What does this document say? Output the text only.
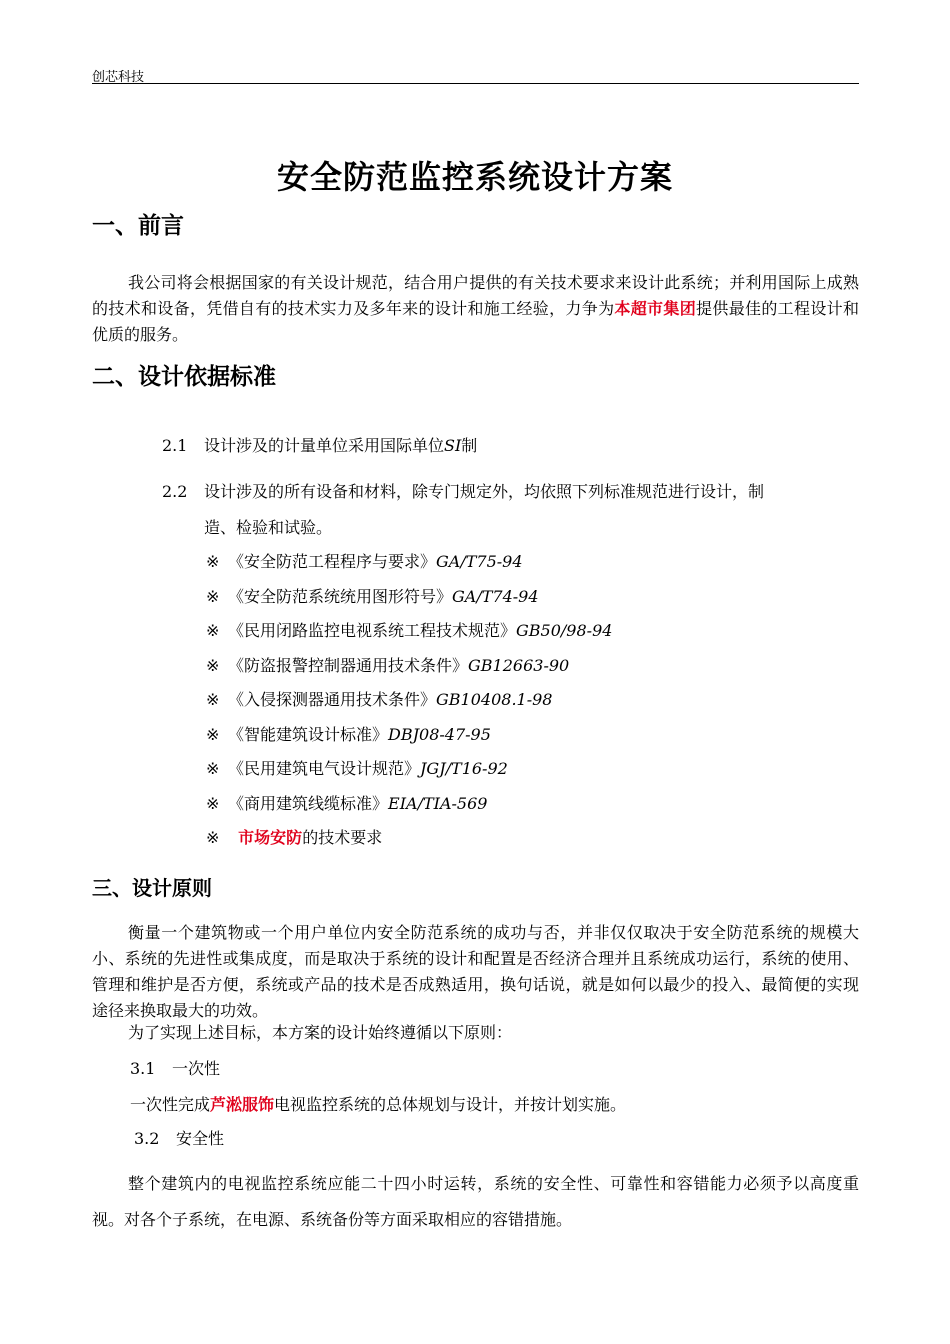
创芯科技
安全防范监控系统设计方案
一、前言
我公司将会根据国家的有关设计规范，结合用户提供的有关技术要求来设计此系统；并利用国际上成熟的技术和设备，凭借自有的技术实力及多年来的设计和施工经验，力争为本超市集团提供最佳的工程设计和优质的服务。
二、设计依据标准
2.1 设计涉及的计量单位采用国际单位SI制
2.2 设计涉及的所有设备和材料，除专门规定外，均依照下列标准规范进行设计，制
造、检验和试验。
※ 《安全防范工程程序与要求》GA/T75-94
※ 《安全防范系统统用图形符号》GA/T74-94
※ 《民用闭路监控电视系统工程技术规范》GB50/98-94
※ 《防盗报警控制器通用技术条件》GB12663-90
※ 《入侵探测器通用技术条件》GB10408.1-98
※ 《智能建筑设计标准》DBJ08-47-95
※ 《民用建筑电气设计规范》JGJ/T16-92
※ 《商用建筑线缆标准》EIA/TIA-569
※ 市场安防的技术要求
三、设计原则
衡量一个建筑物或一个用户单位内安全防范系统的成功与否，并非仅仅取决于安全防范系统的规模大小、系统的先进性或集成度，而是取决于系统的设计和配置是否经济合理并且系统成功运行，系统的使用、管理和维护是否方便，系统或产品的技术是否成熟适用，换句话说，就是如何以最少的投入、最简便的实现途径来换取最大的功效。
为了实现上述目标，本方案的设计始终遵循以下原则：
3.1 一次性
一次性完成芦淞服饰电视监控系统的总体规划与设计，并按计划实施。
3.2 安全性
整个建筑内的电视监控系统应能二十四小时运转，系统的安全性、可靠性和容错能力必须予以高度重视。对各个子系统，在电源、系统备份等方面采取相应的容错措施。
